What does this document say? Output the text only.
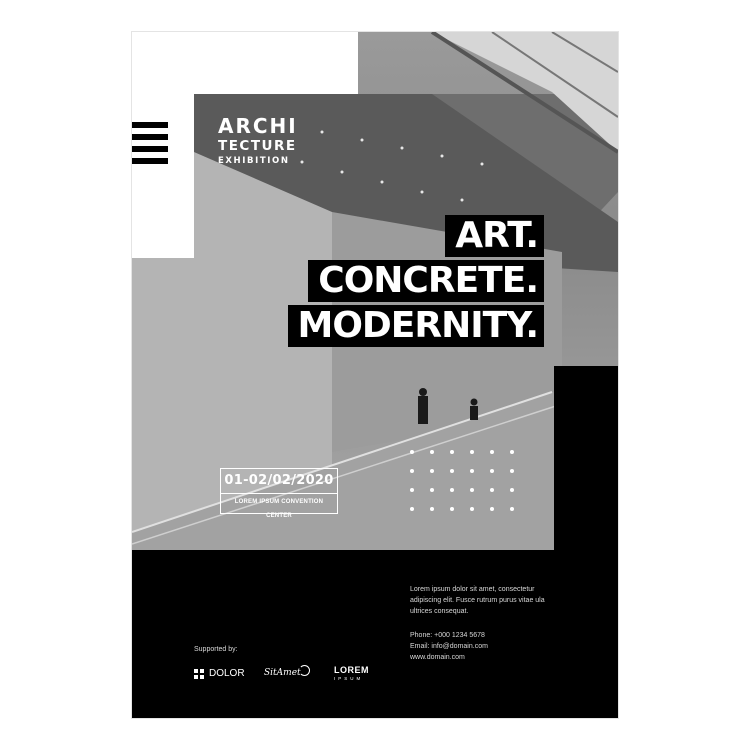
ARCHI
TECTURE
EXHIBITION
ART.
CONCRETE.
MODERNITY.
01-02/02/2020
LOREM IPSUM CONVENTION CENTER
Lorem ipsum dolor sit amet, consectetur adipiscing elit. Fusce rutrum purus vitae ula ultrices consequat.
Phone: +000 1234 5678
Email: info@domain.com
www.domain.com
Supported by:
DOLOR SitAmet	LOREM
IPSUM
